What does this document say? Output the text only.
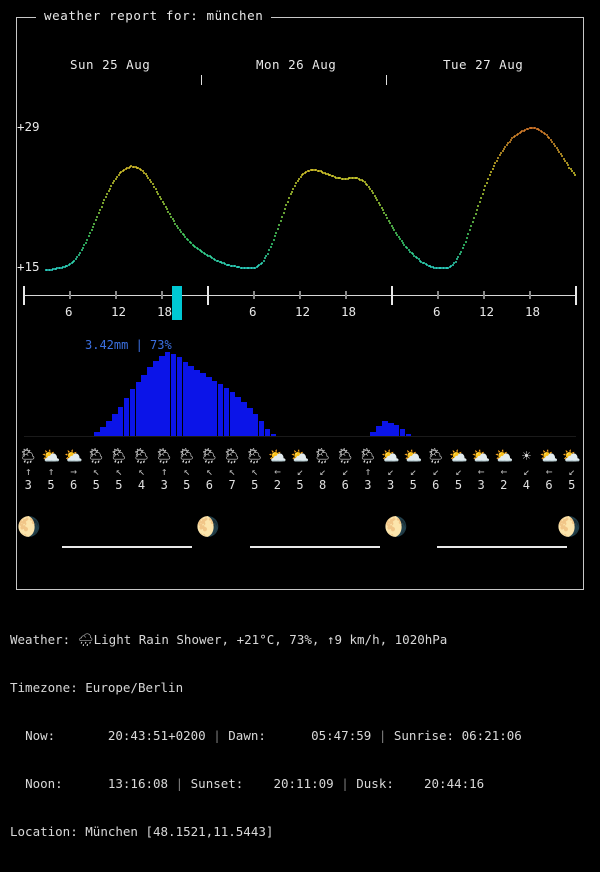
weather report for: münchen
Sun 25 Aug	Mon 26 Aug	Tue 27 Aug
+29
+15
6	12 18	6	12 18	6	12 18
3.42mm | 73%
🌦
↑
3
⛅
↑
5
⛅
→
6
🌦
↖
5
🌦
↖
5
🌦
↖
4
🌦
↑
3
🌦
↖
5
🌦
↖
6
🌦
↖
7
🌦
↖
5
⛅
←
2
⛅
↙
5
🌦
↙
8
🌦
↙
6
🌦
↑
3
⛅
↙
3
⛅
↙
5
🌦
↙
6
⛅
↙
5
⛅
←
3
⛅
←
2
☀
↙
4
⛅
←
6
⛅
↙
5
🌖	🌖	🌖	🌖

Weather: 🌧Light Rain Shower, +21°C, 73%, ↑9 km/h, 1020hPa

Timezone: Europe/Berlin

Now:	20:43:51+0200 | Dawn:	05:47:59 | Sunrise: 06:21:06

Noon:	13:16:08 | Sunset: 20:11:09 | Dusk: 20:44:16

Location: München [48.1521,11.5443]
